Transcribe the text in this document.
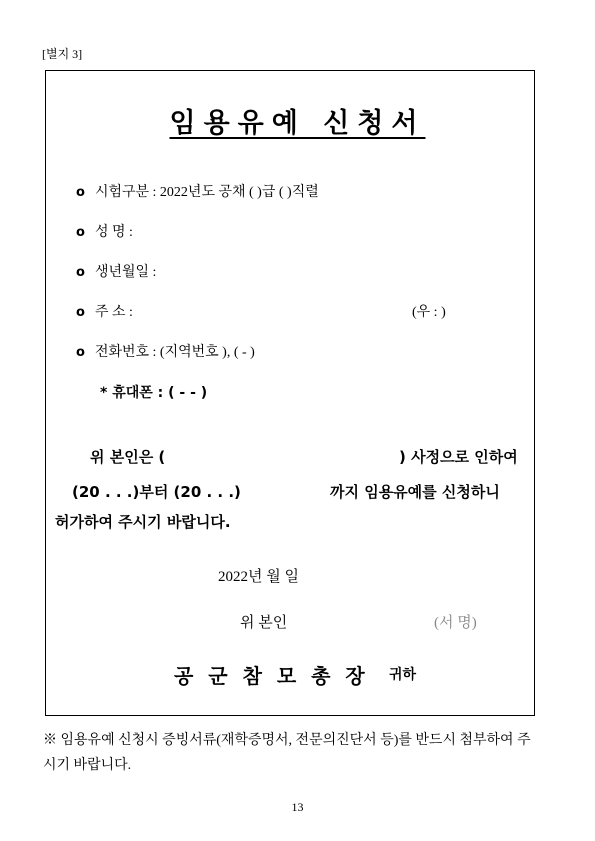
[별지 3]
임용유예 신청서
o 시험구분 : 2022년도 공채 ( )급 ( )직렬
o 성 명 :
o 생년월일 :
o 주 소 :	(우 : )
o 전화번호 : (지역번호 ), ( - )
* 휴대폰 : ( - - )
위 본인은 (	) 사정으로 인하여
(20 . . .)부터 (20 . . .)	까지 임용유예를 신청하니
허가하여 주시기 바랍니다.
2022년 월 일
위 본인	(서 명)
공 군 참 모 총 장 귀하
※ 임용유예 신청시 증빙서류(재학증명서, 전문의진단서 등)를 반드시 첨부하여 주시기 바랍니다.
13
